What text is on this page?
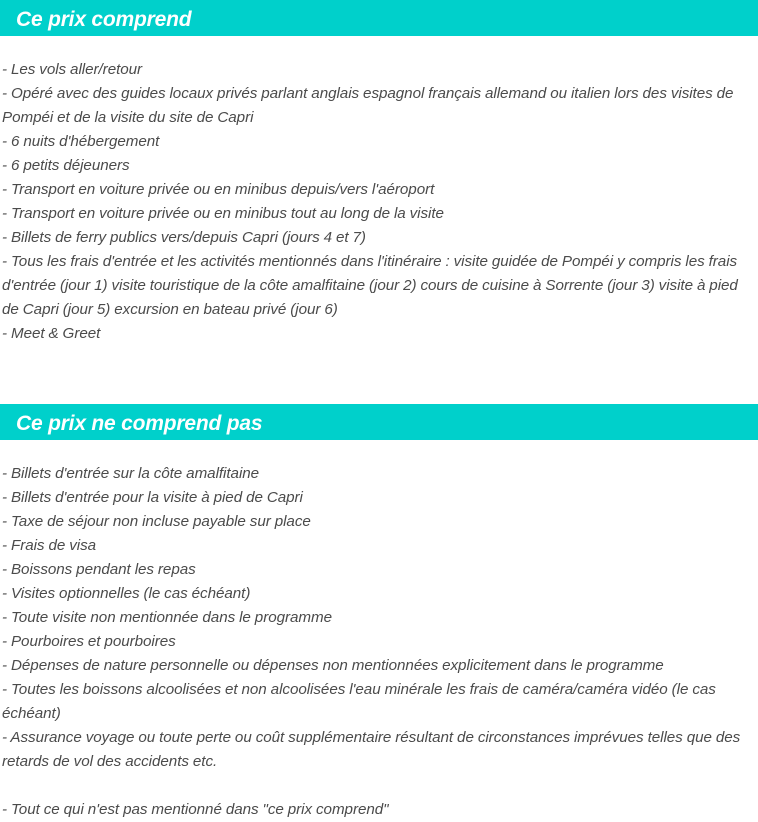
Ce prix comprend

- Les vols aller/retour

- Opéré avec des guides locaux privés parlant anglais espagnol français allemand ou italien lors des visites de Pompéi et de la visite du site de Capri

- 6 nuits d'hébergement

- 6 petits déjeuners

- Transport en voiture privée ou en minibus depuis/vers l'aéroport

- Transport en voiture privée ou en minibus tout au long de la visite

- Billets de ferry publics vers/depuis Capri (jours 4 et 7)

- Tous les frais d'entrée et les activités mentionnés dans l'itinéraire : visite guidée de Pompéi y compris les frais d'entrée (jour 1) visite touristique de la côte amalfitaine (jour 2) cours de cuisine à Sorrente (jour 3) visite à pied de Capri (jour 5) excursion en bateau privé (jour 6)

- Meet & Greet

Ce prix ne comprend pas

- Billets d'entrée sur la côte amalfitaine

- Billets d'entrée pour la visite à pied de Capri

- Taxe de séjour non incluse payable sur place

- Frais de visa

- Boissons pendant les repas

- Visites optionnelles (le cas échéant)

- Toute visite non mentionnée dans le programme

- Pourboires et pourboires

- Dépenses de nature personnelle ou dépenses non mentionnées explicitement dans le programme

- Toutes les boissons alcoolisées et non alcoolisées l'eau minérale les frais de caméra/caméra vidéo (le cas échéant)

- Assurance voyage ou toute perte ou coût supplémentaire résultant de circonstances imprévues telles que des retards de vol des accidents etc.

- Tout ce qui n'est pas mentionné dans "ce prix comprend"
